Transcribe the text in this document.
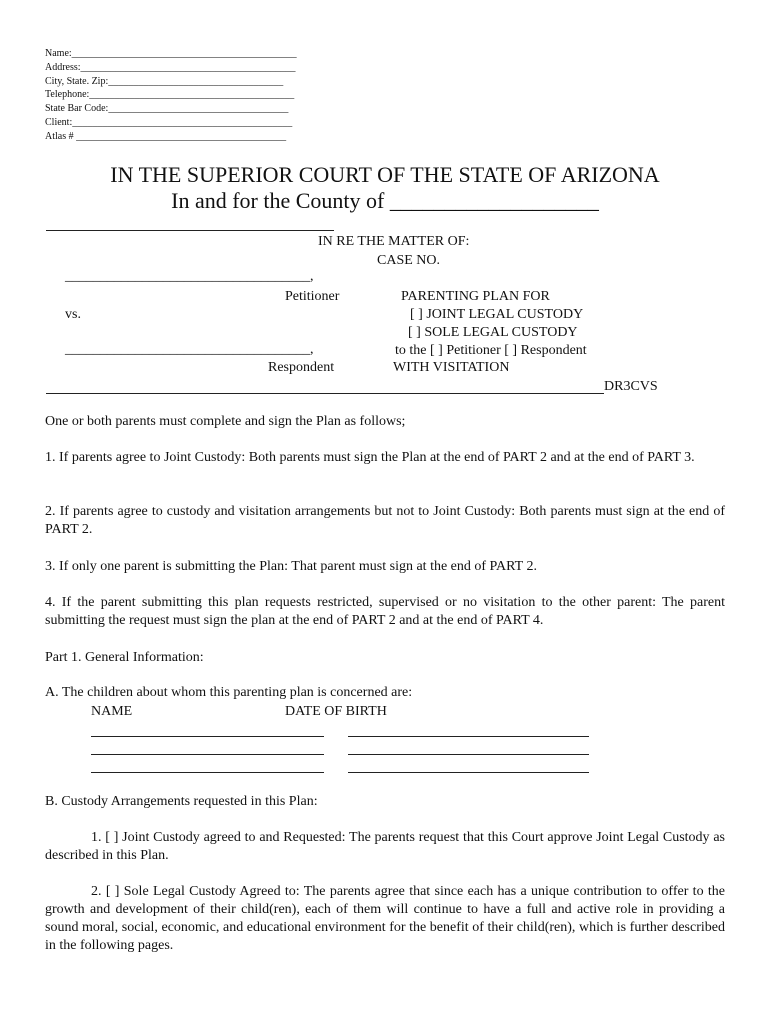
Name:_____________________________________________
Address:___________________________________________
City, State. Zip:___________________________________
Telephone:_________________________________________
State Bar Code:____________________________________
Client:____________________________________________
Atlas # __________________________________________
IN THE SUPERIOR COURT OF THE STATE OF ARIZONA
In and for the County of ___________________
IN RE THE MATTER OF:
CASE NO.
___________________________________,
Petitioner
vs.
___________________________________,
Respondent
PARENTING PLAN FOR
[ ] JOINT LEGAL CUSTODY
[ ] SOLE LEGAL CUSTODY
to the [ ] Petitioner [ ] Respondent
WITH VISITATION
DR3CVS
One or both parents must complete and sign the Plan as follows;
1. If parents agree to Joint Custody: Both parents must sign the Plan at the end of PART 2 and at the end of PART 3.
2. If parents agree to custody and visitation arrangements but not to Joint Custody: Both parents must sign at the end of PART 2.
3. If only one parent is submitting the Plan: That parent must sign at the end of PART 2.
4. If the parent submitting this plan requests restricted, supervised or no visitation to the other parent: The parent submitting the request must sign the plan at the end of PART 2 and at the end of PART 4.
Part 1. General Information:
A. The children about whom this parenting plan is concerned are:
NAME	DATE OF BIRTH
B. Custody Arrangements requested in this Plan:
1. [ ] Joint Custody agreed to and Requested: The parents request that this Court approve Joint Legal Custody as described in this Plan.
2. [ ] Sole Legal Custody Agreed to: The parents agree that since each has a unique contribution to offer to the growth and development of their child(ren), each of them will continue to have a full and active role in providing a sound moral, social, economic, and educational environment for the benefit of their child(ren), which is further described in the following pages.
